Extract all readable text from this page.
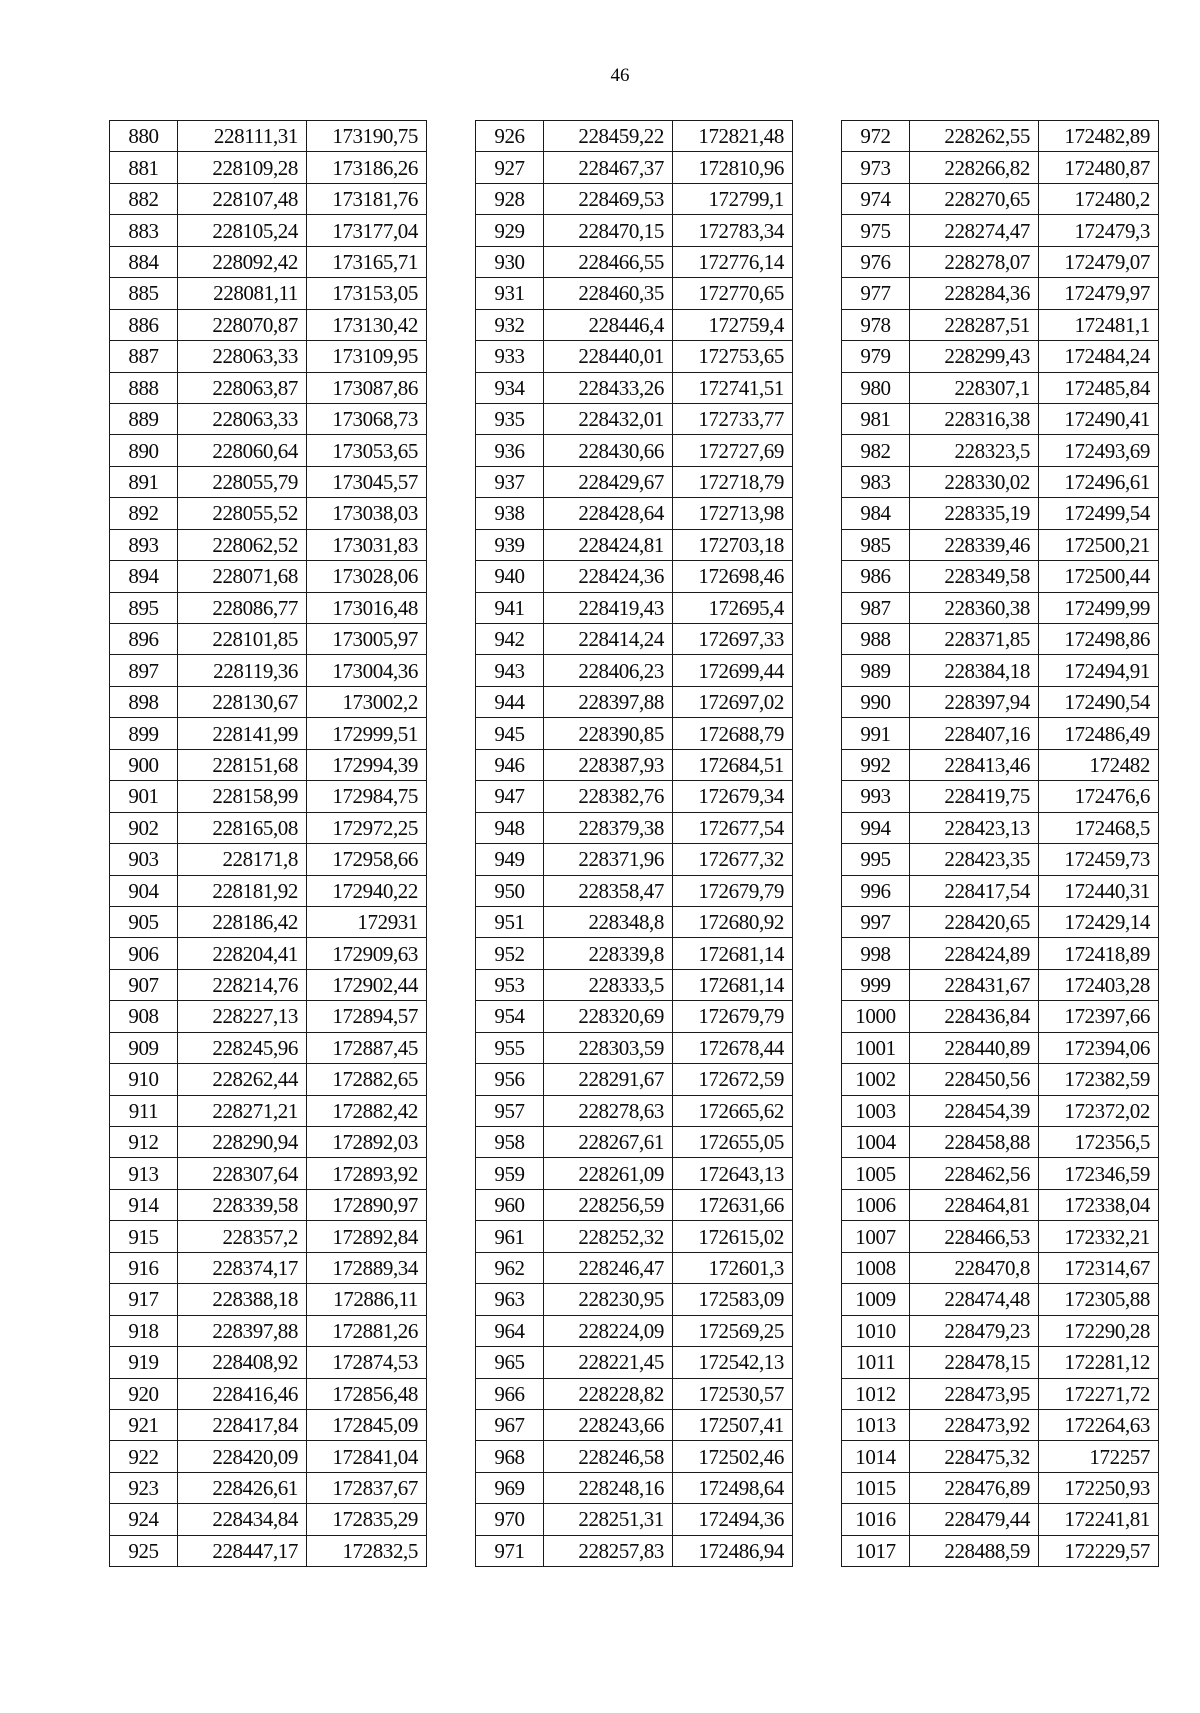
46
880	228111,31	173190,75
881	228109,28	173186,26
882	228107,48	173181,76
883	228105,24	173177,04
884	228092,42	173165,71
885	228081,11	173153,05
886	228070,87	173130,42
887	228063,33	173109,95
888	228063,87	173087,86
889	228063,33	173068,73
890	228060,64	173053,65
891	228055,79	173045,57
892	228055,52	173038,03
893	228062,52	173031,83
894	228071,68	173028,06
895	228086,77	173016,48
896	228101,85	173005,97
897	228119,36	173004,36
898	228130,67	173002,2
899	228141,99	172999,51
900	228151,68	172994,39
901	228158,99	172984,75
902	228165,08	172972,25
903	228171,8	172958,66
904	228181,92	172940,22
905	228186,42	172931
906	228204,41	172909,63
907	228214,76	172902,44
908	228227,13	172894,57
909	228245,96	172887,45
910	228262,44	172882,65
911	228271,21	172882,42
912	228290,94	172892,03
913	228307,64	172893,92
914	228339,58	172890,97
915	228357,2	172892,84
916	228374,17	172889,34
917	228388,18	172886,11
918	228397,88	172881,26
919	228408,92	172874,53
920	228416,46	172856,48
921	228417,84	172845,09
922	228420,09	172841,04
923	228426,61	172837,67
924	228434,84	172835,29
925	228447,17	172832,5
926	228459,22	172821,48
927	228467,37	172810,96
928	228469,53	172799,1
929	228470,15	172783,34
930	228466,55	172776,14
931	228460,35	172770,65
932	228446,4	172759,4
933	228440,01	172753,65
934	228433,26	172741,51
935	228432,01	172733,77
936	228430,66	172727,69
937	228429,67	172718,79
938	228428,64	172713,98
939	228424,81	172703,18
940	228424,36	172698,46
941	228419,43	172695,4
942	228414,24	172697,33
943	228406,23	172699,44
944	228397,88	172697,02
945	228390,85	172688,79
946	228387,93	172684,51
947	228382,76	172679,34
948	228379,38	172677,54
949	228371,96	172677,32
950	228358,47	172679,79
951	228348,8	172680,92
952	228339,8	172681,14
953	228333,5	172681,14
954	228320,69	172679,79
955	228303,59	172678,44
956	228291,67	172672,59
957	228278,63	172665,62
958	228267,61	172655,05
959	228261,09	172643,13
960	228256,59	172631,66
961	228252,32	172615,02
962	228246,47	172601,3
963	228230,95	172583,09
964	228224,09	172569,25
965	228221,45	172542,13
966	228228,82	172530,57
967	228243,66	172507,41
968	228246,58	172502,46
969	228248,16	172498,64
970	228251,31	172494,36
971	228257,83	172486,94
972	228262,55	172482,89
973	228266,82	172480,87
974	228270,65	172480,2
975	228274,47	172479,3
976	228278,07	172479,07
977	228284,36	172479,97
978	228287,51	172481,1
979	228299,43	172484,24
980	228307,1	172485,84
981	228316,38	172490,41
982	228323,5	172493,69
983	228330,02	172496,61
984	228335,19	172499,54
985	228339,46	172500,21
986	228349,58	172500,44
987	228360,38	172499,99
988	228371,85	172498,86
989	228384,18	172494,91
990	228397,94	172490,54
991	228407,16	172486,49
992	228413,46	172482
993	228419,75	172476,6
994	228423,13	172468,5
995	228423,35	172459,73
996	228417,54	172440,31
997	228420,65	172429,14
998	228424,89	172418,89
999	228431,67	172403,28
1000	228436,84	172397,66
1001	228440,89	172394,06
1002	228450,56	172382,59
1003	228454,39	172372,02
1004	228458,88	172356,5
1005	228462,56	172346,59
1006	228464,81	172338,04
1007	228466,53	172332,21
1008	228470,8	172314,67
1009	228474,48	172305,88
1010	228479,23	172290,28
1011	228478,15	172281,12
1012	228473,95	172271,72
1013	228473,92	172264,63
1014	228475,32	172257
1015	228476,89	172250,93
1016	228479,44	172241,81
1017	228488,59	172229,57
